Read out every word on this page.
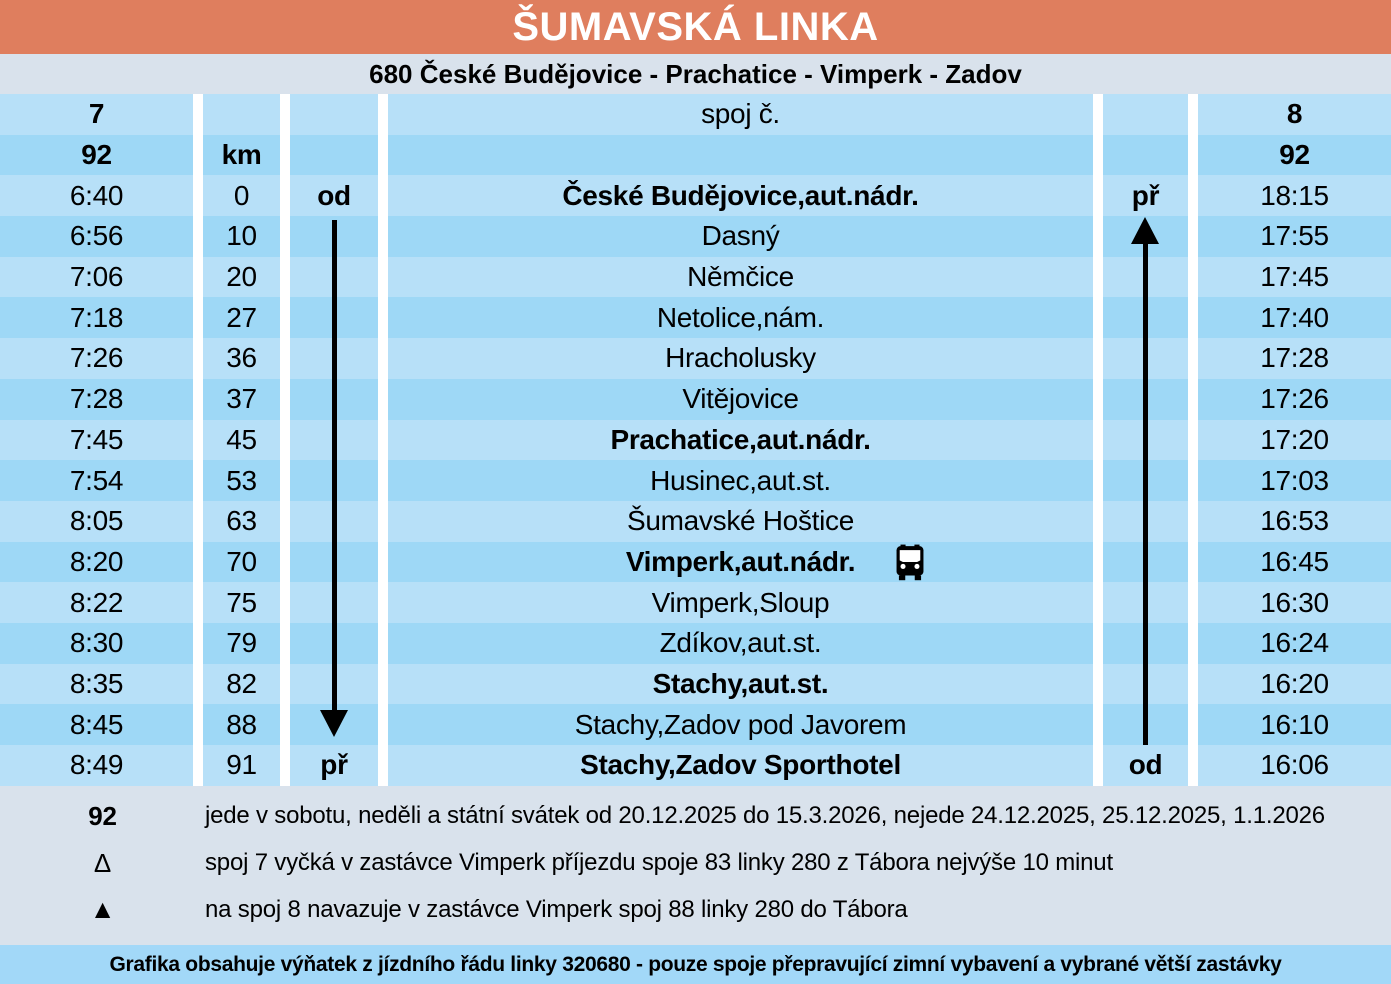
ŠUMAVSKÁ LINKA
680 České Budějovice - Prachatice - Vimperk - Zadov
7	spoj č.	8
92	km	92
6:40	0 od	České Budějovice,aut.nádr.	př	18:15
6:56	10	Dasný	17:55
7:06	20	Němčice	17:45
7:18	27	Netolice,nám.	17:40
7:26	36	Hracholusky	17:28
7:28	37	Vitějovice	17:26
7:45	45	Prachatice,aut.nádr.	17:20
7:54	53	Husinec,aut.st.	17:03
8:05	63	Šumavské Hoštice	16:53
8:20	70	Vimperk,aut.nádr.	16:45
8:22	75	Vimperk,Sloup	16:30
8:30	79	Zdíkov,aut.st.	16:24
8:35	82	Stachy,aut.st.	16:20
8:45	88	Stachy,Zadov pod Javorem	16:10
8:49	91 př	Stachy,Zadov Sporthotel	od	16:06
92	jede v sobotu, neděli a státní svátek od 20.12.2025 do 15.3.2026, nejede 24.12.2025, 25.12.2025, 1.1.2026
Δ	spoj 7 vyčká v zastávce Vimperk příjezdu spoje 83 linky 280 z Tábora nejvýše 10 minut
▲	na spoj 8 navazuje v zastávce Vimperk spoj 88 linky 280 do Tábora
Grafika obsahuje výňatek z jízdního řádu linky 320680 - pouze spoje přepravující zimní vybavení a vybrané větší zastávky
